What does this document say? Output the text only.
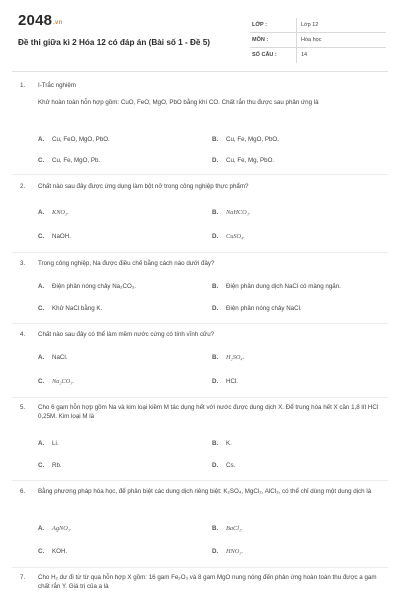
2048.vn
Đề thi giữa kì 2 Hóa 12 có đáp án (Bài số 1 - Đề 5)
LỚP :	Lớp 12
MÔN :	Hóa học
SỐ CÂU :	14
1. I-Trắc nghiệm
Khử hoàn toàn hỗn hợp gồm: CuO, FeO, MgO, PbO bằng khí CO. Chất rắn thu được sau phản ứng là
A. Cu, FeO, MgO, PbO.	B. Cu, Fe, MgO, PbO.
C. Cu, Fe, MgO, Pb.	D. Cu, Fe, Mg, PbO.
2. Chất nào sau đây được ứng dụng làm bột nở trong công nghiệp thực phẩm?
A. KNO₃.	B. NaHCO₃.
C. NaOH.	D. CuSO₄.
3. Trong công nghiệp, Na được điều chế bằng cách nào dưới đây?
A. Điện phân nóng chảy Na₂CO₃.	B. Điện phân dung dịch NaCl có màng ngăn.
C. Khử NaCl bằng K.	D. Điện phân nóng chảy NaCl.
4. Chất nào sau đây có thể làm mềm nước cứng có tính vĩnh cửu?
A. NaCl.	B. H₂SO₄.
C. Na₂CO₃.	D. HCl.
5. Cho 6 gam hỗn hợp gồm Na và kim loại kiềm M tác dụng hết với nước được dung dịch X. Để trung hòa hết X cần 1,8 lít HCl 0,25M. Kim loại M là
A. Li.	B. K.
C. Rb.	D. Cs.
6. Bằng phương pháp hóa học, để phân biệt các dung dịch riêng biệt: K₂SO₄, MgCl₂, AlCl₃, có thể chỉ dùng một dung dịch là
A. AgNO₃.	B. BaCl₂.
C. KOH.	D. HNO₃.
7. Cho H₂ dư đi từ từ qua hỗn hợp X gồm: 16 gam Fe₂O₃ và 8 gam MgO nung nóng đến phản ứng hoàn toàn thu được a gam chất rắn Y. Giá trị của a là
